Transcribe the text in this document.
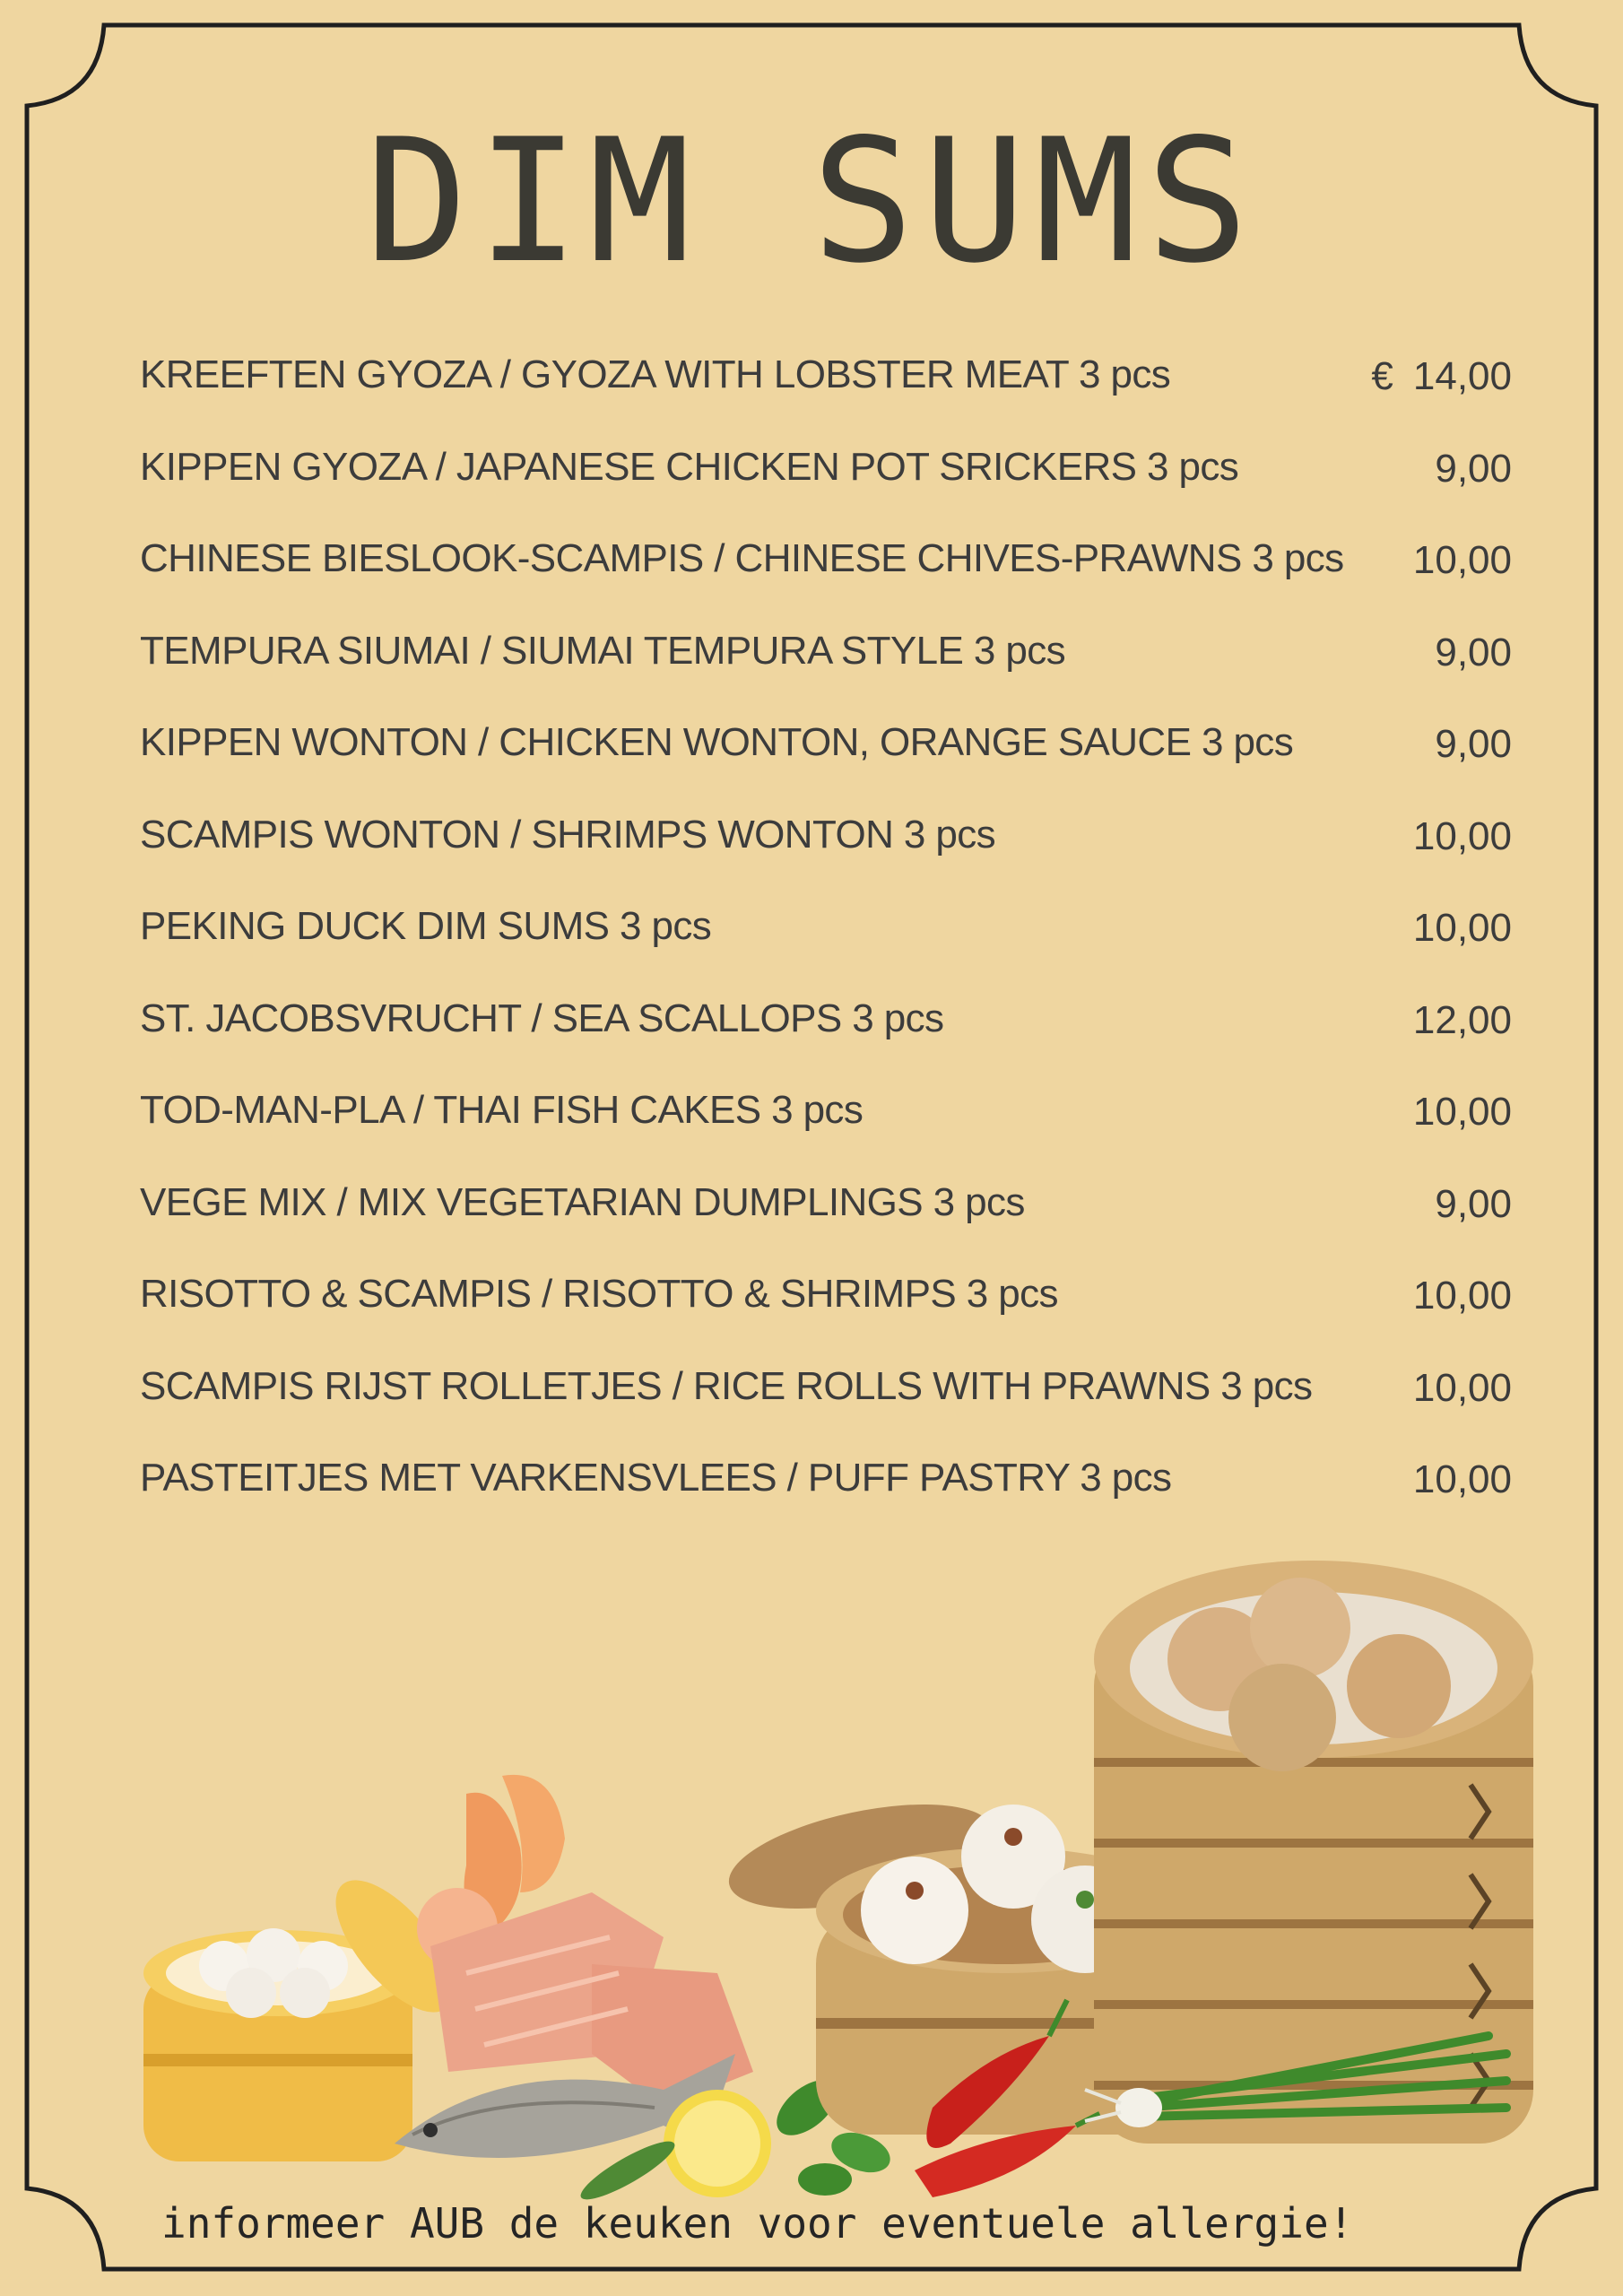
DIM SUMS
KREEFTEN GYOZA / GYOZA WITH LOBSTER MEAT 3 pcs	€ 14,00
KIPPEN GYOZA / JAPANESE CHICKEN POT SRICKERS 3 pcs	9,00
CHINESE BIESLOOK-SCAMPIS / CHINESE CHIVES-PRAWNS 3 pcs 10,00
TEMPURA SIUMAI / SIUMAI TEMPURA STYLE 3 pcs	9,00
KIPPEN WONTON / CHICKEN WONTON, ORANGE SAUCE 3 pcs	9,00
SCAMPIS WONTON / SHRIMPS WONTON 3 pcs	10,00
PEKING DUCK DIM SUMS 3 pcs	10,00
ST. JACOBSVRUCHT / SEA SCALLOPS 3 pcs	12,00
TOD-MAN-PLA / THAI FISH CAKES 3 pcs	10,00
VEGE MIX / MIX VEGETARIAN DUMPLINGS 3 pcs	9,00
RISOTTO & SCAMPIS / RISOTTO & SHRIMPS 3 pcs	10,00
SCAMPIS RIJST ROLLETJES / RICE ROLLS WITH PRAWNS 3 pcs	10,00
PASTEITJES MET VARKENSVLEES / PUFF PASTRY 3 pcs	10,00
informeer AUB de keuken voor eventuele allergie!
